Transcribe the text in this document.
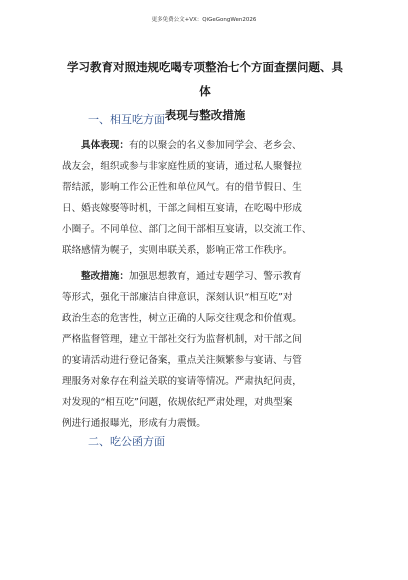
更多免费公文+VX：QiGeGongWen2026
学习教育对照违规吃喝专项整治七个方面查摆问题、具体
表现与整改措施
一、相互吃方面
具体表现：有的以聚会的名义参加同学会、老乡会、
战友会，组织或参与非家庭性质的宴请，通过私人聚餐拉
帮结派，影响工作公正性和单位风气。有的借节假日、生
日、婚丧嫁娶等时机，干部之间相互宴请，在吃喝中形成
小圈子。不同单位、部门之间干部相互宴请，以交流工作、
联络感情为幌子，实则串联关系，影响正常工作秩序。
整改措施：加强思想教育，通过专题学习、警示教育
等形式，强化干部廉洁自律意识，深刻认识“相互吃”对
政治生态的危害性，树立正确的人际交往观念和价值观。
严格监督管理，建立干部社交行为监督机制，对干部之间
的宴请活动进行登记备案，重点关注频繁参与宴请、与管
理服务对象存在利益关联的宴请等情况。严肃执纪问责，
对发现的“相互吃”问题，依规依纪严肃处理，对典型案
例进行通报曝光，形成有力震慑。
二、吃公函方面
